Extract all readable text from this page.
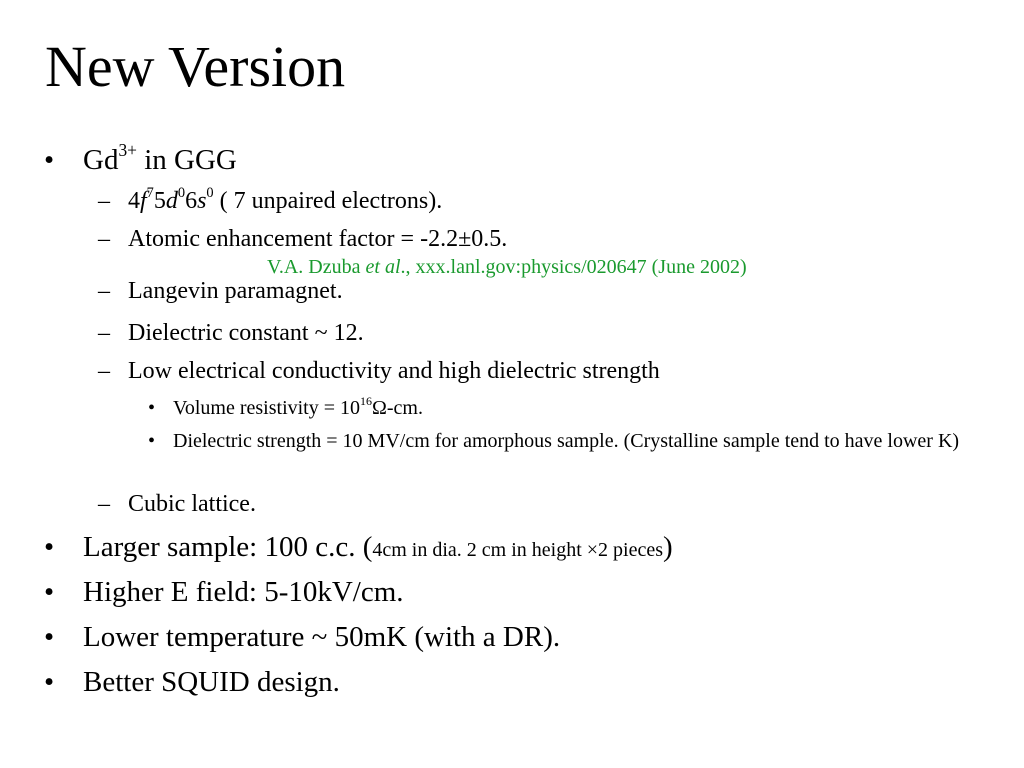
New Version
• $Gd^{3+}$ in GGG
– $4f^75d^06s^0$ ( 7 unpaired electrons).
– Atomic enhancement factor = -2.2±0.5.
V.A. Dzuba et al., xxx.lanl.gov:physics/020647 (June 2002)
– Langevin paramagnet.
– Dielectric constant ~ 12.
– Low electrical conductivity and high dielectric strength
• Volume resistivity = $10^{16}\Omega-cm$.
• Dielectric strength = 10 MV/cm for amorphous sample. (Crystalline sample tend to have lower K)
– Cubic lattice.
• Larger sample: 100 c.c. (4cm in dia. 2 cm in height ×2 pieces)
• Higher E field: 5-10kV/cm.
• Lower temperature ~ 50mK (with a DR).
• Better SQUID design.
